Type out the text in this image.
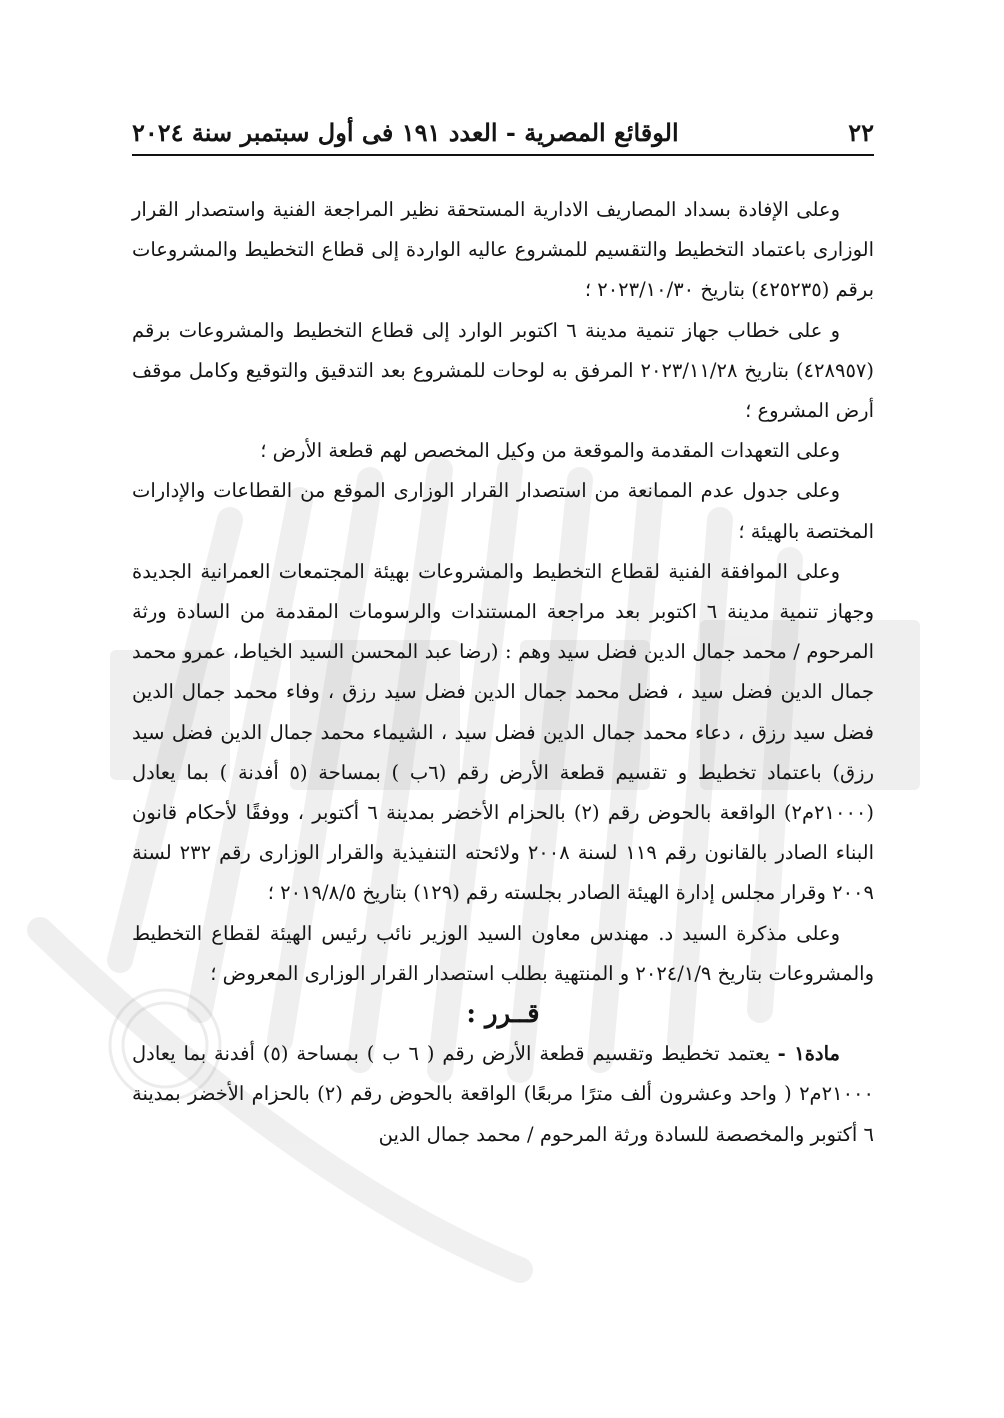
٢٢
الوقائع المصرية - العدد ١٩١ فى أول سبتمبر سنة ٢٠٢٤

وعلى الإفادة بسداد المصاريف الادارية المستحقة نظير المراجعة الفنية واستصدار القرار الوزارى باعتماد التخطيط والتقسيم للمشروع عاليه الواردة إلى قطاع التخطيط والمشروعات برقم (٤٢٥٢٣٥) بتاريخ ٢٠٢٣/١٠/٣٠ ؛

و على خطاب جهاز تنمية مدينة ٦ اكتوبر الوارد إلى قطاع التخطيط والمشروعات برقم (٤٢٨٩٥٧) بتاريخ ٢٠٢٣/١١/٢٨ المرفق به لوحات للمشروع بعد التدقيق والتوقيع وكامل موقف أرض المشروع ؛

وعلى التعهدات المقدمة والموقعة من وكيل المخصص لهم قطعة الأرض ؛

وعلى جدول عدم الممانعة من استصدار القرار الوزارى الموقع من القطاعات والإدارات المختصة بالهيئة ؛

وعلى الموافقة الفنية لقطاع التخطيط والمشروعات بهيئة المجتمعات العمرانية الجديدة وجهاز تنمية مدينة ٦ اكتوبر بعد مراجعة المستندات والرسومات المقدمة من السادة ورثة المرحوم / محمد جمال الدين فضل سيد وهم : (رضا عبد المحسن السيد الخياط، عمرو محمد جمال الدين فضل سيد ، فضل محمد جمال الدين فضل سيد رزق ، وفاء محمد جمال الدين فضل سيد رزق ، دعاء محمد جمال الدين فضل سيد ، الشيماء محمد جمال الدين فضل سيد رزق) باعتماد تخطيط و تقسيم قطعة الأرض رقم (٦ب ) بمساحة (٥ أفدنة ) بما يعادل (٢١٠٠٠م٢) الواقعة بالحوض رقم (٢) بالحزام الأخضر بمدينة ٦ أكتوبر ، ووفقًا لأحكام قانون البناء الصادر بالقانون رقم ١١٩ لسنة ٢٠٠٨ ولائحته التنفيذية والقرار الوزارى رقم ٢٣٢ لسنة ٢٠٠٩ وقرار مجلس إدارة الهيئة الصادر بجلسته رقم (١٢٩) بتاريخ ٢٠١٩/٨/٥ ؛

وعلى مذكرة السيد د. مهندس معاون السيد الوزير نائب رئيس الهيئة لقطاع التخطيط والمشروعات بتاريخ ٢٠٢٤/١/٩ و المنتهية بطلب استصدار القرار الوزارى المعروض ؛

قــرر :

مادة١ - يعتمد تخطيط وتقسيم قطعة الأرض رقم ( ٦ ب ) بمساحة (٥) أفدنة بما يعادل ٢١٠٠٠م٢ ( واحد وعشرون ألف مترًا مربعًا) الواقعة بالحوض رقم (٢) بالحزام الأخضر بمدينة ٦ أكتوبر والمخصصة للسادة ورثة المرحوم / محمد جمال الدين
